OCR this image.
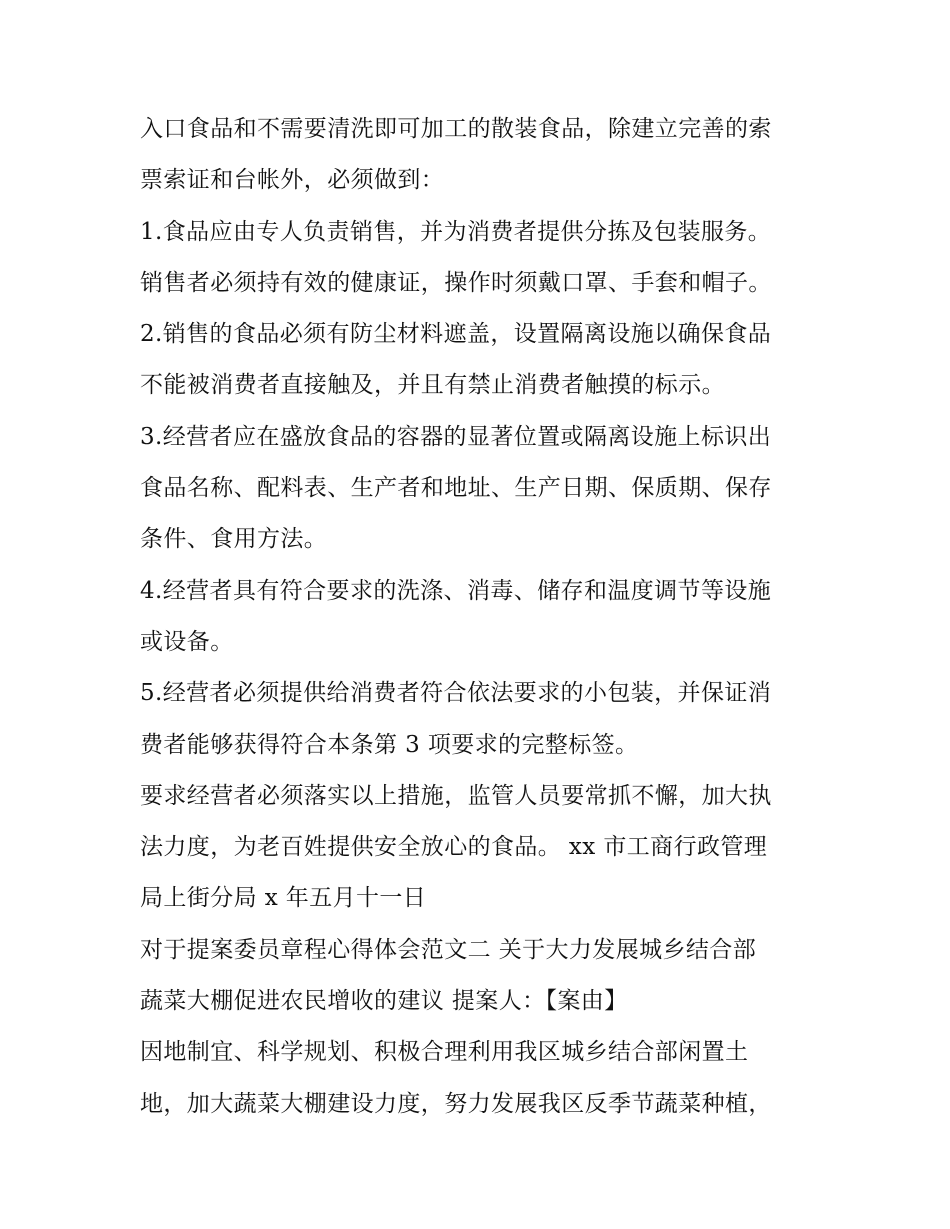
入口食品和不需要清洗即可加工的散装食品，除建立完善的索
票索证和台帐外，必须做到：
1.食品应由专人负责销售，并为消费者提供分拣及包装服务。
销售者必须持有效的健康证，操作时须戴口罩、手套和帽子。
2.销售的食品必须有防尘材料遮盖，设置隔离设施以确保食品
不能被消费者直接触及，并且有禁止消费者触摸的标示。
3.经营者应在盛放食品的容器的显著位置或隔离设施上标识出
食品名称、配料表、生产者和地址、生产日期、保质期、保存
条件、食用方法。
4.经营者具有符合要求的洗涤、消毒、储存和温度调节等设施
或设备。
5.经营者必须提供给消费者符合依法要求的小包装，并保证消
费者能够获得符合本条第 3 项要求的完整标签。
要求经营者必须落实以上措施，监管人员要常抓不懈，加大执
法力度，为老百姓提供安全放心的食品。 xx 市工商行政管理
局上街分局 x 年五月十一日
对于提案委员章程心得体会范文二 关于大力发展城乡结合部
蔬菜大棚促进农民增收的建议 提案人：【案由】
因地制宜、科学规划、积极合理利用我区城乡结合部闲置土
地，加大蔬菜大棚建设力度，努力发展我区反季节蔬菜种植，
